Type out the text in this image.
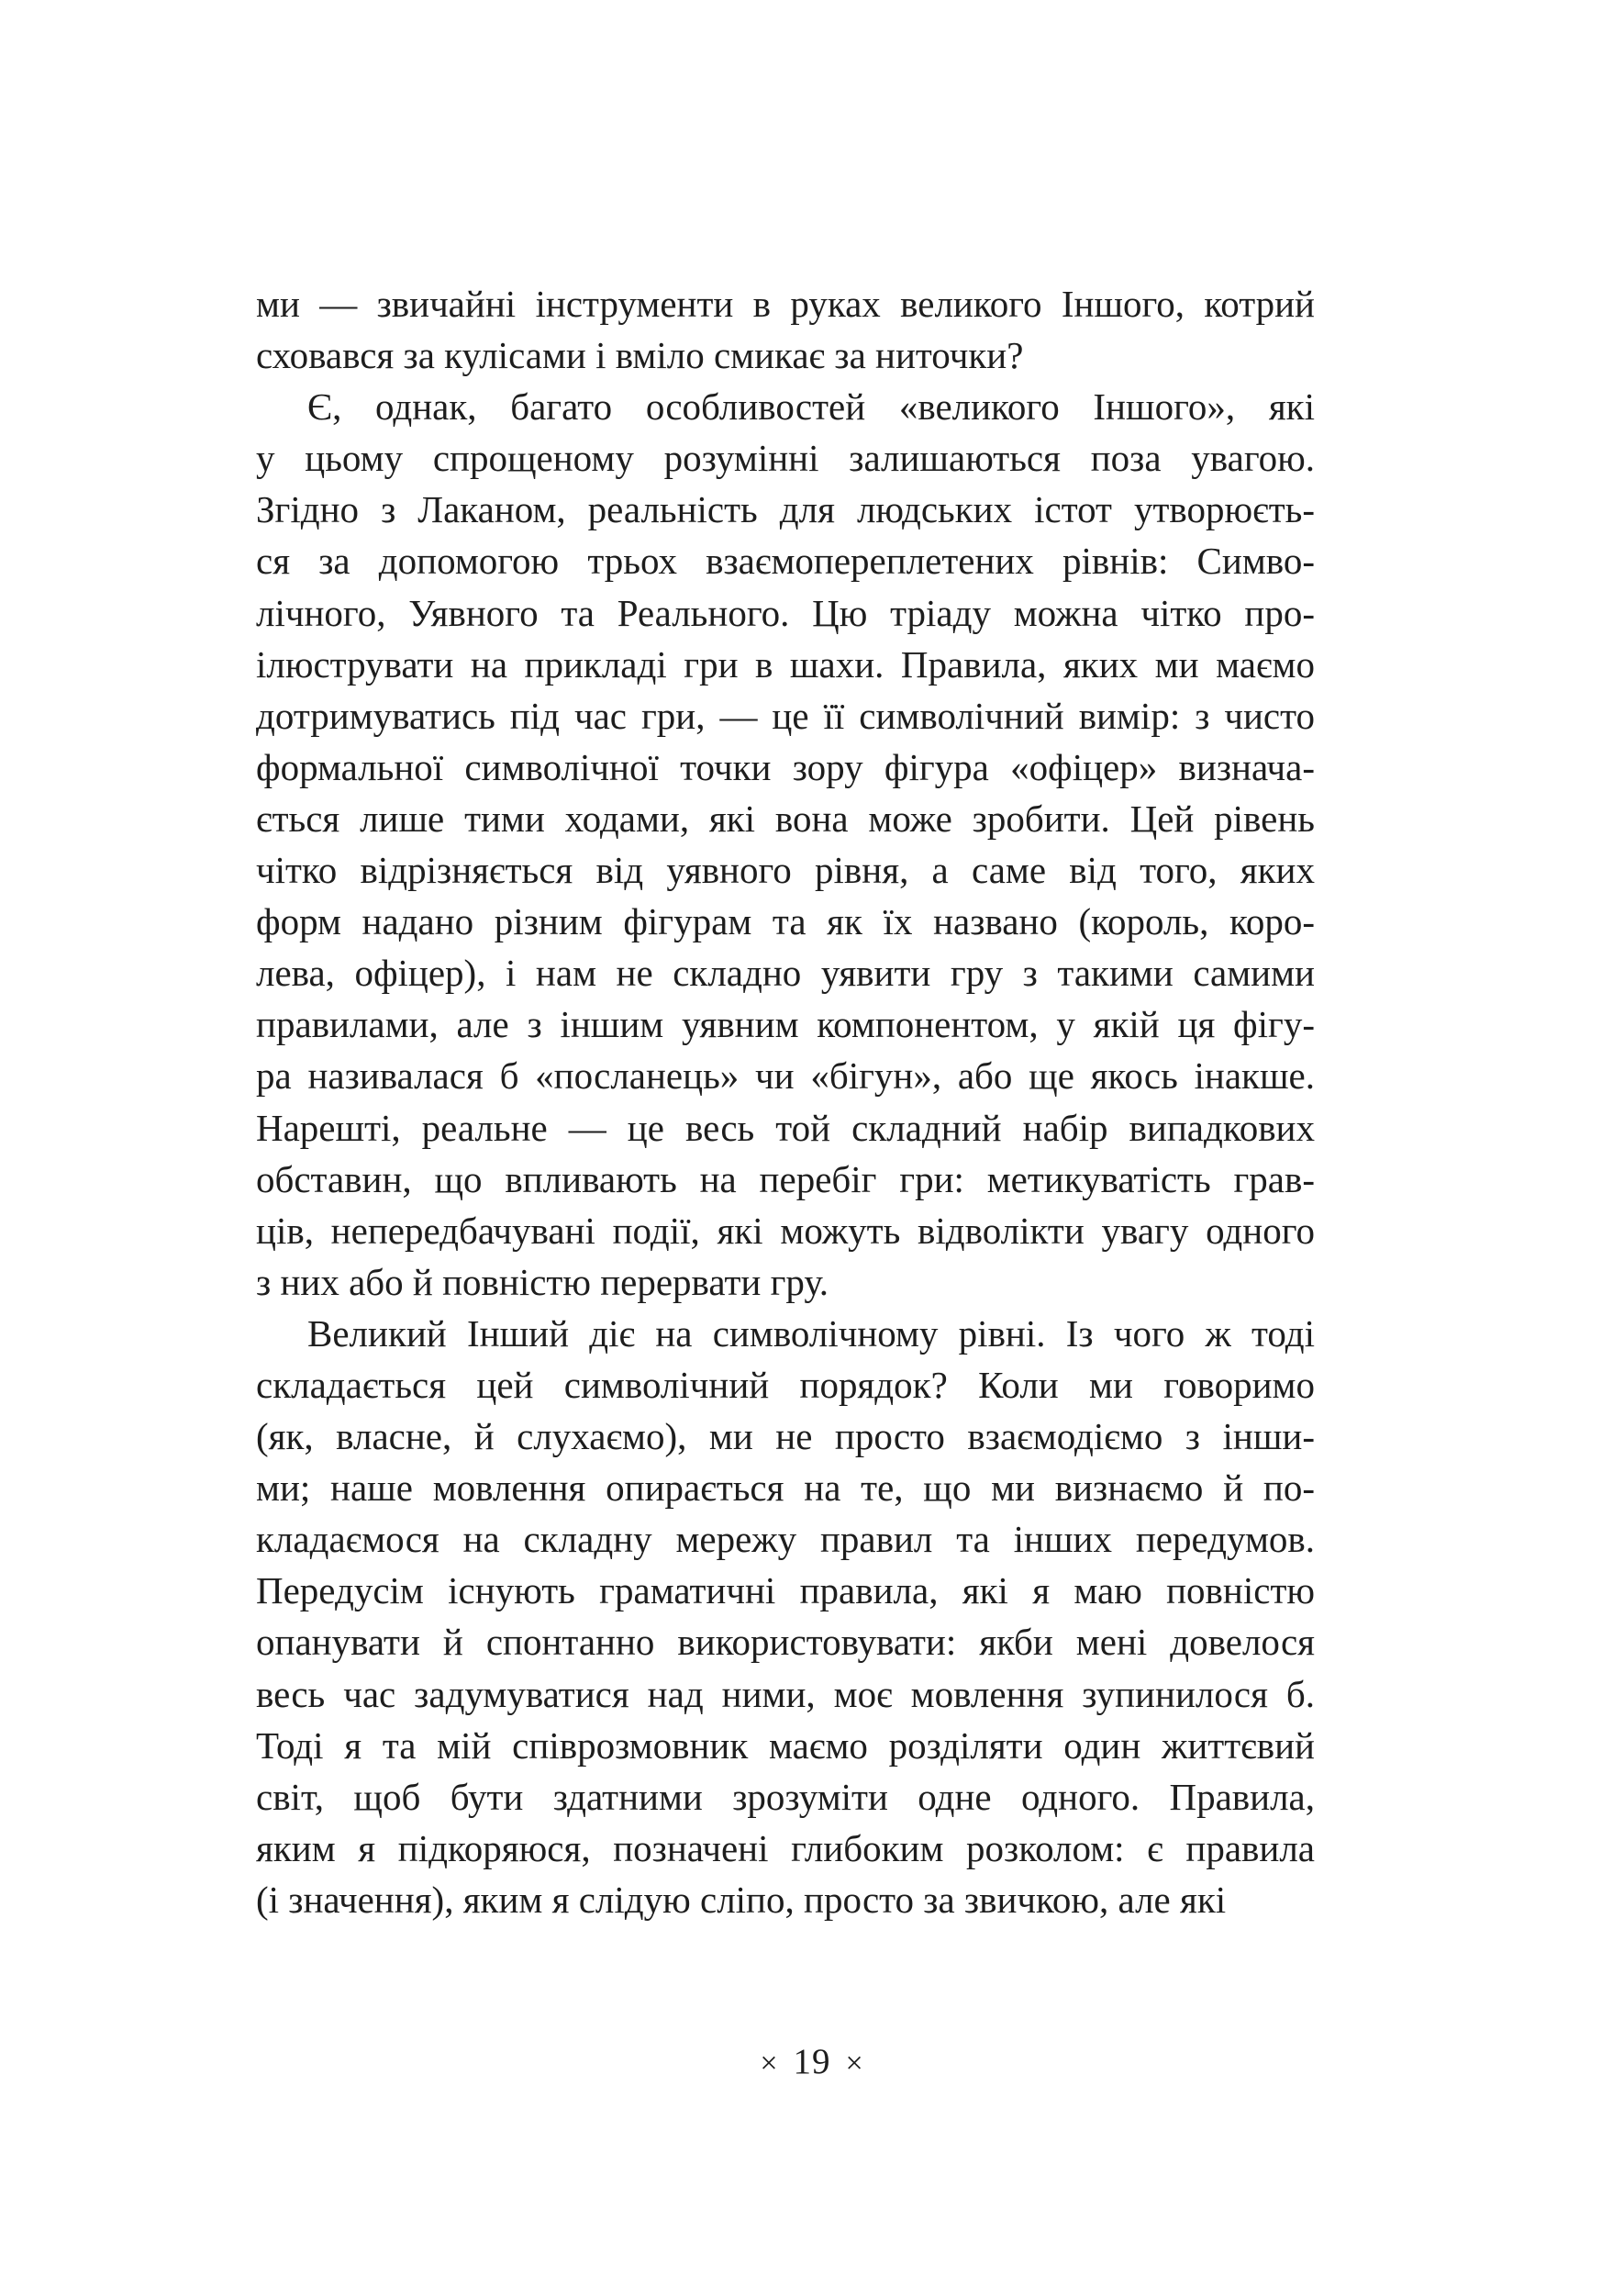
ми — звичайні інструменти в руках великого Іншого, котрий
сховався за кулісами і вміло смикає за ниточки?
Є, однак, багато особливостей «великого Іншого», які
у цьому спрощеному розумінні залишаються поза увагою.
Згідно з Лаканом, реальність для людських істот утворюєть-
ся за допомогою трьох взаємопереплетених рівнів: Симво-
лічного, Уявного та Реального. Цю тріаду можна чітко про-
ілюструвати на прикладі гри в шахи. Правила, яких ми маємо
дотримуватись під час гри, — це її символічний вимір: з чисто
формальної символічної точки зору фігура «офіцер» визнача-
ється лише тими ходами, які вона може зробити. Цей рівень
чітко відрізняється від уявного рівня, а саме від того, яких
форм надано різним фігурам та як їх названо (король, коро-
лева, офіцер), і нам не складно уявити гру з такими самими
правилами, але з іншим уявним компонентом, у якій ця фігу-
ра називалася б «посланець» чи «бігун», або ще якось інакше.
Нарешті, реальне — це весь той складний набір випадкових
обставин, що впливають на перебіг гри: метикуватість грав-
ців, непередбачувані події, які можуть відволікти увагу одного
з них або й повністю перервати гру.
Великий Інший діє на символічному рівні. Із чого ж тоді
складається цей символічний порядок? Коли ми говоримо
(як, власне, й слухаємо), ми не просто взаємодіємо з інши-
ми; наше мовлення опирається на те, що ми визнаємо й по-
кладаємося на складну мережу правил та інших передумов.
Передусім існують граматичні правила, які я маю повністю
опанувати й спонтанно використовувати: якби мені довелося
весь час задумуватися над ними, моє мовлення зупинилося б.
Тоді я та мій співрозмовник маємо розділяти один життєвий
світ, щоб бути здатними зрозуміти одне одного. Правила,
яким я підкоряюся, позначені глибоким розколом: є правила
(і значення), яким я слідую сліпо, просто за звичкою, але які
× 19 ×
